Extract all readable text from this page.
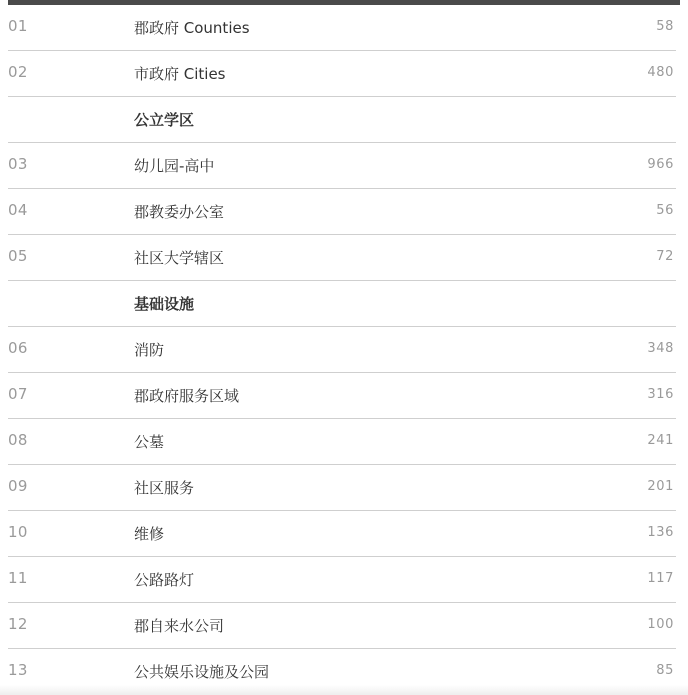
01	郡政府 Counties	58
02	市政府 Cities	480
公立学区
03	幼儿园-高中	966
04	郡教委办公室	56
05	社区大学辖区	72
基础设施
06	消防	348
07	郡政府服务区域	316
08	公墓	241
09	社区服务	201
10	维修	136
11	公路路灯	117
12	郡自来水公司	100
13	公共娱乐设施及公园	85
